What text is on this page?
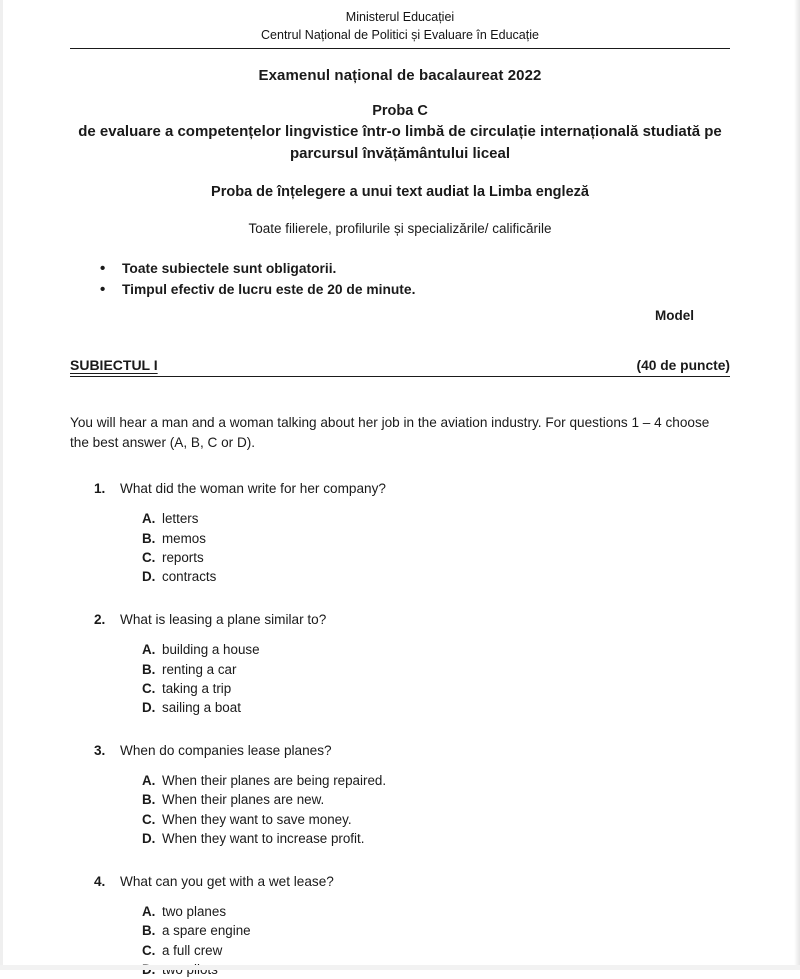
Ministerul Educației
Centrul Național de Politici și Evaluare în Educație
Examenul național de bacalaureat 2022
Proba C
de evaluare a competențelor lingvistice într-o limbă de circulație internațională studiată pe parcursul învățământului liceal
Proba de înțelegere a unui text audiat la Limba engleză
Toate filierele, profilurile și specializările/ calificările
• Toate subiectele sunt obligatorii.
• Timpul efectiv de lucru este de 20 de minute.
Model
SUBIECTUL I	(40 de puncte)
You will hear a man and a woman talking about her job in the aviation industry. For questions 1 – 4 choose the best answer (A, B, C or D).
1.	What did the woman write for her company?
A. letters
B. memos
C. reports
D. contracts
2.	What is leasing a plane similar to?
A. building a house
B. renting a car
C. taking a trip
D. sailing a boat
3.	When do companies lease planes?
A. When their planes are being repaired.
B. When their planes are new.
C. When they want to save money.
D. When they want to increase profit.
4.	What can you get with a wet lease?
A. two planes
B. a spare engine
C. a full crew
